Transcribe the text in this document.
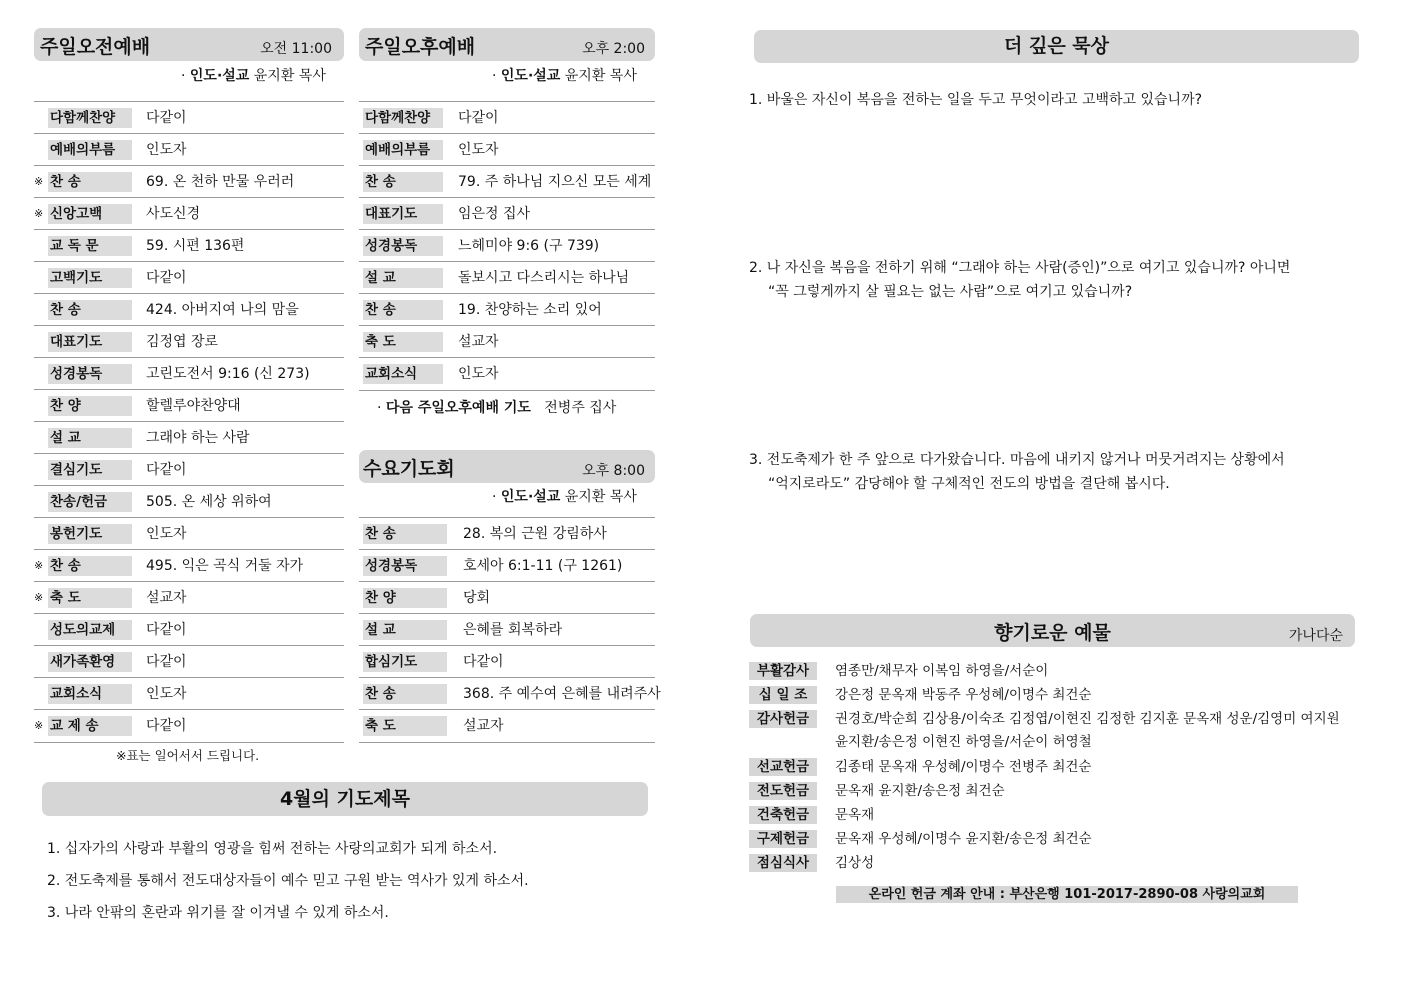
주일오전예배	오전 11:00
· 인도·설교 윤지환 목사
다함께찬양	다같이
예배의부름	인도자
※ 찬 송	69. 온 천하 만물 우러러
※ 신앙고백	사도신경
교 독 문	59. 시편 136편
고백기도	다같이
찬 송	424. 아버지여 나의 맘을
대표기도	김정엽 장로
성경봉독	고린도전서 9:16 (신 273)
찬 양	할렐루야찬양대
설 교	그래야 하는 사람
결심기도	다같이
찬송/헌금	505. 온 세상 위하여
봉헌기도	인도자
※ 찬 송	495. 익은 곡식 거둘 자가
※ 축 도	설교자
성도의교제	다같이
새가족환영	다같이
교회소식	인도자
※ 교 제 송	다같이
※표는 일어서서 드립니다.
주일오후예배	오후 2:00
· 인도·설교 윤지환 목사
다함께찬양	다같이
예배의부름	인도자
찬 송	79. 주 하나님 지으신 모든 세계
대표기도	임은정 집사
성경봉독	느헤미야 9:6 (구 739)
설 교	돌보시고 다스리시는 하나님
찬 송	19. 찬양하는 소리 있어
축 도	설교자
교회소식	인도자
· 다음 주일오후예배 기도 전병주 집사
수요기도회	오후 8:00
· 인도·설교 윤지환 목사
찬 송	28. 복의 근원 강림하사
성경봉독	호세아 6:1-11 (구 1261)
찬 양	당회
설 교	은혜를 회복하라
합심기도	다같이
찬 송	368. 주 예수여 은혜를 내려주사
축 도	설교자
4월의 기도제목
1. 십자가의 사랑과 부활의 영광을 힘써 전하는 사랑의교회가 되게 하소서.
2. 전도축제를 통해서 전도대상자들이 예수 믿고 구원 받는 역사가 있게 하소서.
3. 나라 안팎의 혼란과 위기를 잘 이겨낼 수 있게 하소서.
더 깊은 묵상
1. 바울은 자신이 복음을 전하는 일을 두고 무엇이라고 고백하고 있습니까?
2. 나 자신을 복음을 전하기 위해 “그래야 하는 사람(증인)”으로 여기고 있습니까? 아니면
“꼭 그렇게까지 살 필요는 없는 사람”으로 여기고 있습니까?
3. 전도축제가 한 주 앞으로 다가왔습니다. 마음에 내키지 않거나 머뭇거려지는 상황에서
“억지로라도” 감당해야 할 구체적인 전도의 방법을 결단해 봅시다.
향기로운 예물	가나다순
부활감사	염종만/채무자 이복임 하영을/서순이
십 일 조	강은정 문옥재 박동주 우성혜/이명수 최건순
감사헌금	권경호/박순희 김상용/이숙조 김정엽/이현진 김정한 김지훈 문옥재 성운/김영미 여지원
윤지환/송은정 이현진 하영을/서순이 허영철
선교헌금	김종태 문옥재 우성혜/이명수 전병주 최건순
전도헌금	문옥재 윤지환/송은정 최건순
건축헌금	문옥재
구제헌금	문옥재 우성혜/이명수 윤지환/송은정 최건순
점심식사	김상성
온라인 헌금 계좌 안내 : 부산은행 101-2017-2890-08 사랑의교회
